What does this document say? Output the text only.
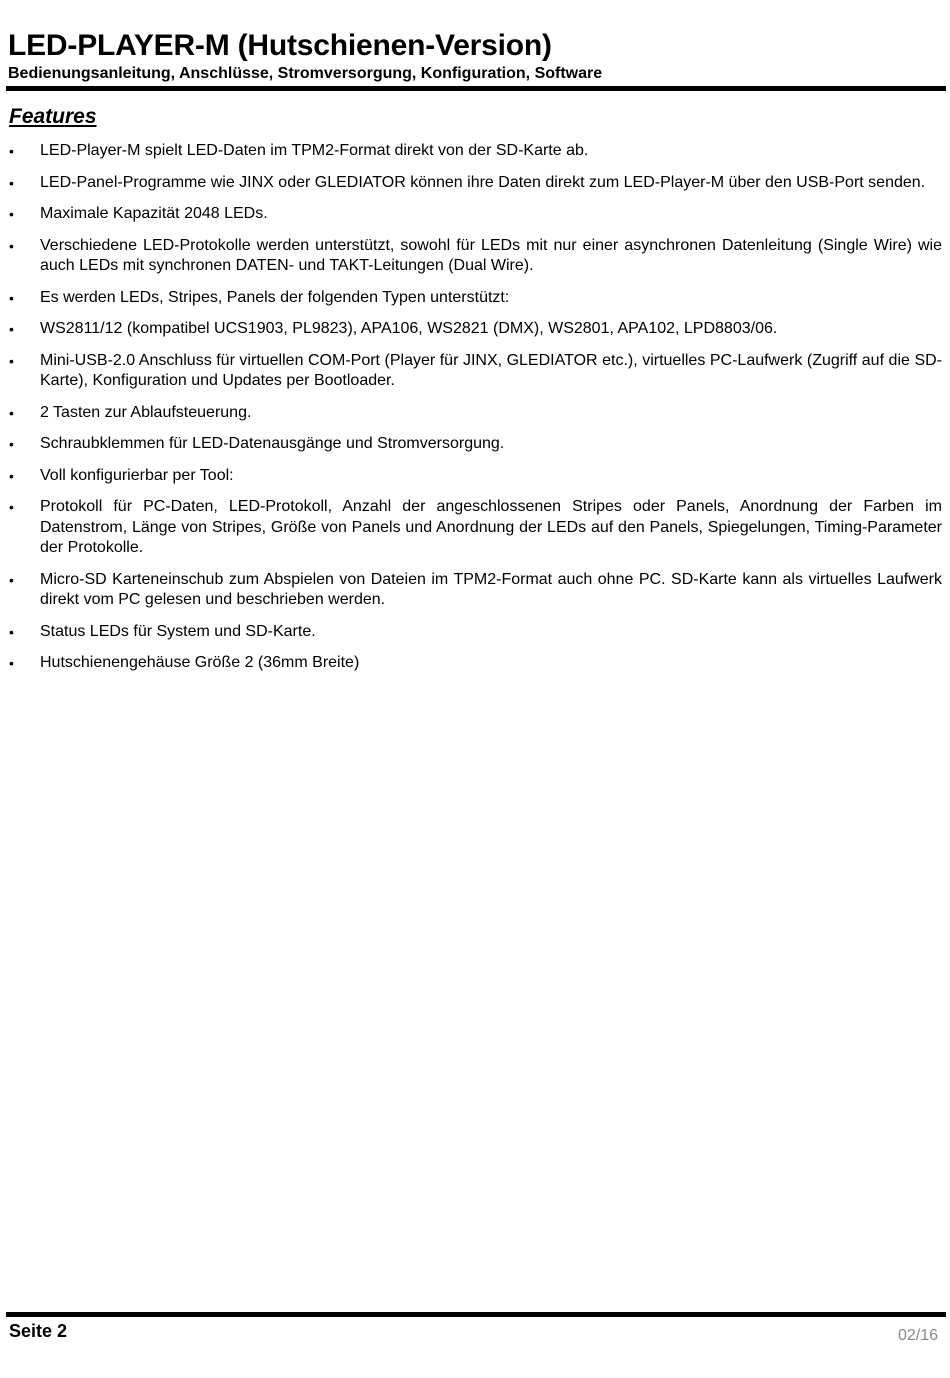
LED-PLAYER-M (Hutschienen-Version)

Bedienungsanleitung, Anschlüsse, Stromversorgung, Konfiguration, Software

Features
• LED-Player-M spielt LED-Daten im TPM2-Format direkt von der SD-Karte ab.
• LED-Panel-Programme wie JINX oder GLEDIATOR können ihre Daten direkt zum LED-Player-M über den USB-Port senden.
• Maximale Kapazität 2048 LEDs.
• Verschiedene LED-Protokolle werden unterstützt, sowohl für LEDs mit nur einer asynchronen Datenleitung (Single Wire) wie auch LEDs mit synchronen DATEN- und TAKT-Leitungen (Dual Wire).
• Es werden LEDs, Stripes, Panels der folgenden Typen unterstützt:
• WS2811/12 (kompatibel UCS1903, PL9823), APA106, WS2821 (DMX), WS2801, APA102, LPD8803/06.
• Mini-USB-2.0 Anschluss für virtuellen COM-Port (Player für JINX, GLEDIATOR etc.), virtuelles PC-Laufwerk (Zugriff auf die SD-Karte), Konfiguration und Updates per Bootloader.
• 2 Tasten zur Ablaufsteuerung.
• Schraubklemmen für LED-Datenausgänge und Stromversorgung.
• Voll konfigurierbar per Tool:
• Protokoll für PC-Daten, LED-Protokoll, Anzahl der angeschlossenen Stripes oder Panels, Anordnung der Farben im Datenstrom, Länge von Stripes, Größe von Panels und Anordnung der LEDs auf den Panels, Spiegelungen, Timing-Parameter der Protokolle.
• Micro-SD Karteneinschub zum Abspielen von Dateien im TPM2-Format auch ohne PC. SD-Karte kann als virtuelles Laufwerk direkt vom PC gelesen und beschrieben werden.
• Status LEDs für System und SD-Karte.
• Hutschienengehäuse Größe 2 (36mm Breite)
Seite 2	02/16
